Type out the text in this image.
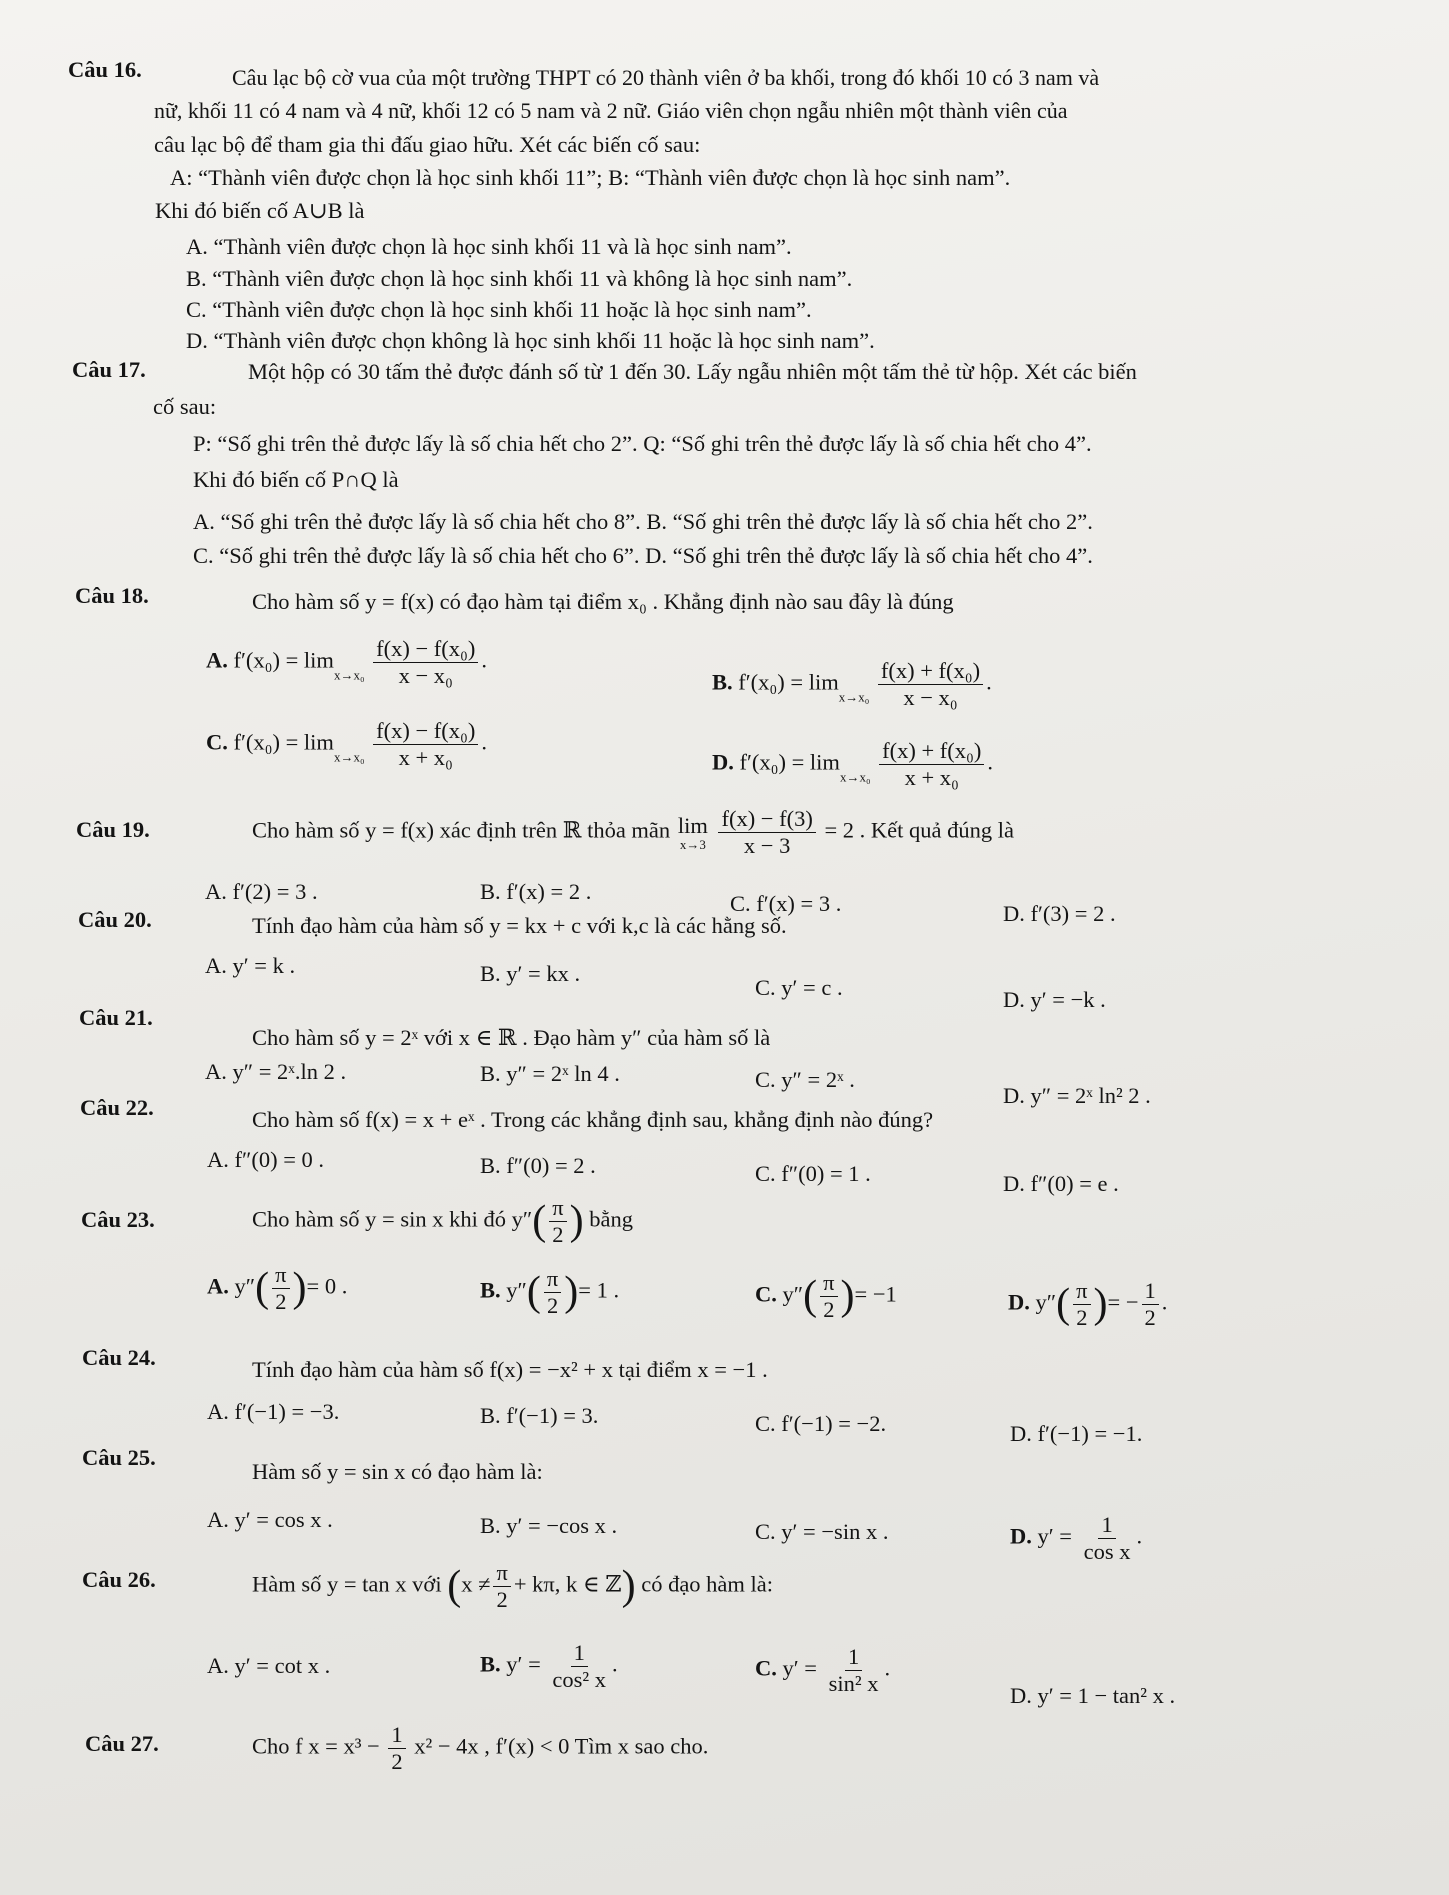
Câu 16.	Câu lạc bộ cờ vua của một trường THPT có 20 thành viên ở ba khối, trong đó khối 10 có 3 nam và
nữ, khối 11 có 4 nam và 4 nữ, khối 12 có 5 nam và 2 nữ. Giáo viên chọn ngẫu nhiên một thành viên của
câu lạc bộ để tham gia thi đấu giao hữu. Xét các biến cố sau:
A: “Thành viên được chọn là học sinh khối 11”; B: “Thành viên được chọn là học sinh nam”.
Khi đó biến cố A∪B là
A. “Thành viên được chọn là học sinh khối 11 và là học sinh nam”.
B. “Thành viên được chọn là học sinh khối 11 và không là học sinh nam”.
C. “Thành viên được chọn là học sinh khối 11 hoặc là học sinh nam”.
D. “Thành viên được chọn không là học sinh khối 11 hoặc là học sinh nam”.
Câu 17.	Một hộp có 30 tấm thẻ được đánh số từ 1 đến 30. Lấy ngẫu nhiên một tấm thẻ từ hộp. Xét các biến
cố sau:
P: “Số ghi trên thẻ được lấy là số chia hết cho 2”. Q: “Số ghi trên thẻ được lấy là số chia hết cho 4”.
Khi đó biến cố P∩Q là
A. “Số ghi trên thẻ được lấy là số chia hết cho 8”. B. “Số ghi trên thẻ được lấy là số chia hết cho 2”.
C. “Số ghi trên thẻ được lấy là số chia hết cho 6”. D. “Số ghi trên thẻ được lấy là số chia hết cho 4”.
Câu 18.	Cho hàm số y = f(x) có đạo hàm tại điểm x₀ . Khẳng định nào sau đây là đúng
A. $f'(x_0) = \lim_{x\to x_0} \frac{\text{f(x) − f(x₀)}}{\text{x − x₀}}$ .
B. $f'(x_0) = \lim_{x\to x_0} \frac{\text{f(x) + f(x₀)}}{\text{x − x₀}}$ .
C. $f'(x_0) = \lim_{x\to x_0} \frac{\text{f(x) − f(x₀)}}{\text{x + x₀}}$ .
D. $f'(x_0) = \lim_{x\to x_0} \frac{\text{f(x) + f(x₀)}}{\text{x + x₀}}$ .
Câu 19.	Cho hàm số y = f(x) xác định trên ℝ thỏa mãn lim
x→3
$\frac{f(x) - f(3)}{x - 3} = 2$ . Kết quả đúng là
A. f′(2) = 3 .	B. f′(x) = 2 .	C. f′(x) = 3 .	D. f′(3) = 2 .
Câu 20.	Tính đạo hàm của hàm số y = kx + c với k,c là các hằng số.
A. y′ = k .	B. y′ = kx .
C. y′ = c .	D. y′ = −k .
Câu 21.
Cho hàm số y = 2ˣ với x ∈ ℝ . Đạo hàm y″ của hàm số là
A. y″ = 2ˣ.ln 2 .	B. y″ = 2ˣ ln 4 .	C. y″ = 2ˣ .
D. y″ = 2ˣ ln² 2 .
Câu 22.	Cho hàm số f(x) = x + eˣ . Trong các khẳng định sau, khẳng định nào đúng?
A. f″(0) = 0 .	B. f″(0) = 2 .	C. f″(0) = 1 .	D. f″(0) = e .
Câu 23.	Cho hàm số y = sin x khi đó $y''( \frac{\pi}{2}$ ) bằng
A. $y''( \frac{\pi}{2}$ )= 0 .	B. $y''( \frac{\pi}{2}$ )= 1 .	C. $y''( \frac{\pi}{2}$ )= −1	D. $y''( \frac{\pi}{2}$ )= − $\frac{1}{2}$ .
Câu 24.	Tính đạo hàm của hàm số f(x) = −x² + x tại điểm x = −1 .
A. f′(−1) = −3.	B. f′(−1) = 3.	C. f′(−1) = −2.	D. f′(−1) = −1.
Câu 25.
Hàm số y = sin x có đạo hàm là:
A. y′ = cos x .	B. y′ = −cos x .	C. y′ = −sin x .	D. $y' = \frac{1}{\text{cos x}}$ .
Câu 26.	Hàm số y = tan x với ($x \ne \frac{\pi}{2} + k\pi$, k ∈ ℤ) có đạo hàm là:
A. y′ = cot x .	B. $y' = \frac{1}{\text{cos² x}}$ .	C. $y' = \frac{1}{\text{sin² x}}$ .
D. y′ = 1 − tan² x .
Câu 27.	Cho f $x = x^3 - \frac{1}{2} x^2 - 4x$ , f′(x) < 0 Tìm x sao cho.
